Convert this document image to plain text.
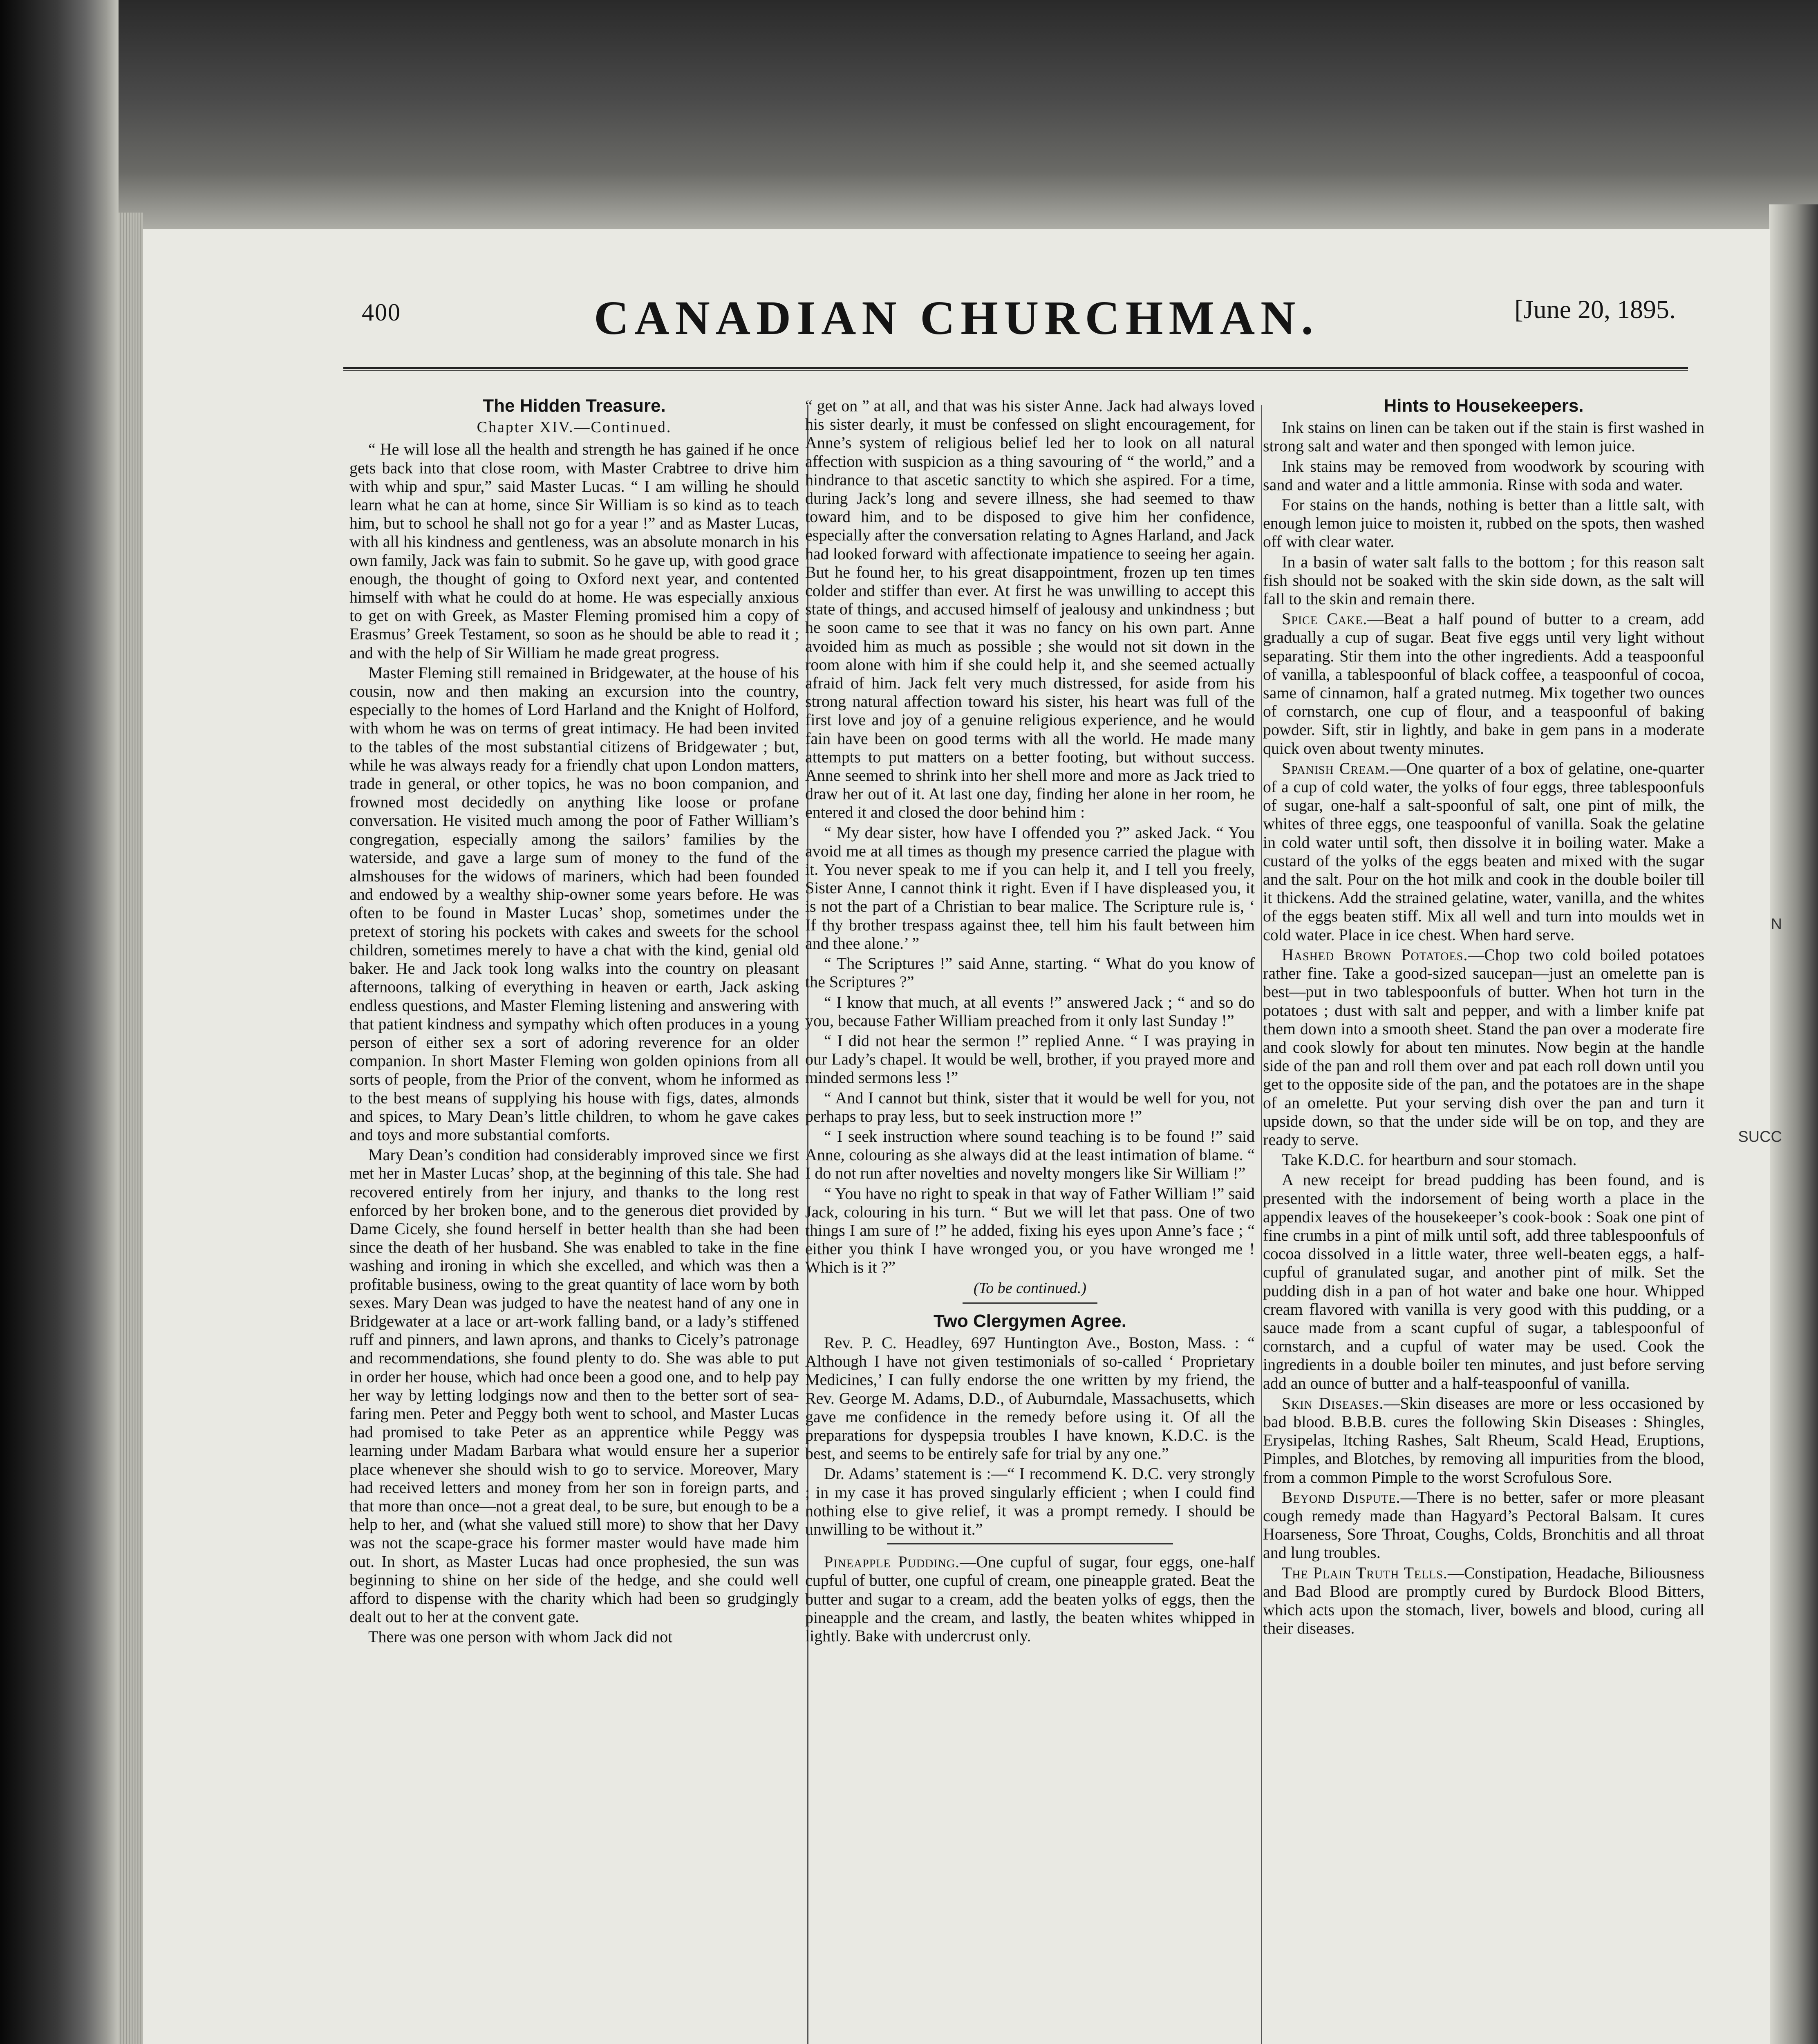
CANADIAN CHURCHMAN.
400	[June 20, 1895.
The Hidden Treasure.
Chapter XIV.—Continued.

“ He will lose all the health and strength he has gained if he once gets back into that close room, with Master Crabtree to drive him with whip and spur,” said Master Lucas. “ I am willing he should learn what he can at home, since Sir William is so kind as to teach him, but to school he shall not go for a year !” and as Master Lucas, with all his kindness and gentleness, was an absolute monarch in his own family, Jack was fain to submit. So he gave up, with good grace enough, the thought of going to Oxford next year, and contented himself with what he could do at home. He was especially anxious to get on with Greek, as Master Fleming promised him a copy of Erasmus’ Greek Testament, so soon as he should be able to read it ; and with the help of Sir William he made great progress.

Master Fleming still remained in Bridgewater, at the house of his cousin, now and then making an excursion into the country, especially to the homes of Lord Harland and the Knight of Holford, with whom he was on terms of great intimacy. He had been invited to the tables of the most substantial citizens of Bridgewater ; but, while he was always ready for a friendly chat upon London matters, trade in general, or other topics, he was no boon companion, and frowned most decidedly on anything like loose or profane conversation. He visited much among the poor of Father William’s congregation, especially among the sailors’ families by the waterside, and gave a large sum of money to the fund of the almshouses for the widows of mariners, which had been founded and endowed by a wealthy ship-owner some years before. He was often to be found in Master Lucas’ shop, sometimes under the pretext of storing his pockets with cakes and sweets for the school children, sometimes merely to have a chat with the kind, genial old baker. He and Jack took long walks into the country on pleasant afternoons, talking of everything in heaven or earth, Jack asking endless questions, and Master Fleming listening and answering with that patient kindness and sympathy which often produces in a young person of either sex a sort of adoring reverence for an older companion. In short Master Fleming won golden opinions from all sorts of people, from the Prior of the convent, whom he informed as to the best means of supplying his house with figs, dates, almonds and spices, to Mary Dean’s little children, to whom he gave cakes and toys and more substantial comforts.

Mary Dean’s condition had considerably improved since we first met her in Master Lucas’ shop, at the beginning of this tale. She had recovered entirely from her injury, and thanks to the long rest enforced by her broken bone, and to the generous diet provided by Dame Cicely, she found herself in better health than she had been since the death of her husband. She was enabled to take in the fine washing and ironing in which she excelled, and which was then a profitable business, owing to the great quantity of lace worn by both sexes. Mary Dean was judged to have the neatest hand of any one in Bridgewater at a lace or art-work falling band, or a lady’s stiffened ruff and pinners, and lawn aprons, and thanks to Cicely’s patronage and recommendations, she found plenty to do. She was able to put in order her house, which had once been a good one, and to help pay her way by letting lodgings now and then to the better sort of sea-faring men. Peter and Peggy both went to school, and Master Lucas had promised to take Peter as an apprentice while Peggy was learning under Madam Barbara what would ensure her a superior place whenever she should wish to go to service. Moreover, Mary had received letters and money from her son in foreign parts, and that more than once—not a great deal, to be sure, but enough to be a help to her, and (what she valued still more) to show that her Davy was not the scape-grace his former master would have made him out. In short, as Master Lucas had once prophesied, the sun was beginning to shine on her side of the hedge, and she could well afford to dispense with the charity which had been so grudgingly dealt out to her at the convent gate.

There was one person with whom Jack did not

“ get on ” at all, and that was his sister Anne. Jack had always loved his sister dearly, it must be confessed on slight encouragement, for Anne’s system of religious belief led her to look on all natural affection with suspicion as a thing savouring of “ the world,” and a hindrance to that ascetic sanctity to which she aspired. For a time, during Jack’s long and severe illness, she had seemed to thaw toward him, and to be disposed to give him her confidence, especially after the conversation relating to Agnes Harland, and Jack had looked forward with affectionate impatience to seeing her again. But he found her, to his great disappointment, frozen up ten times colder and stiffer than ever. At first he was unwilling to accept this state of things, and accused himself of jealousy and unkindness ; but he soon came to see that it was no fancy on his own part. Anne avoided him as much as possible ; she would not sit down in the room alone with him if she could help it, and she seemed actually afraid of him. Jack felt very much distressed, for aside from his strong natural affection toward his sister, his heart was full of the first love and joy of a genuine religious experience, and he would fain have been on good terms with all the world. He made many attempts to put matters on a better footing, but without success. Anne seemed to shrink into her shell more and more as Jack tried to draw her out of it. At last one day, finding her alone in her room, he entered it and closed the door behind him :

“ My dear sister, how have I offended you ?” asked Jack. “ You avoid me at all times as though my presence carried the plague with it. You never speak to me if you can help it, and I tell you freely, Sister Anne, I cannot think it right. Even if I have displeased you, it is not the part of a Christian to bear malice. The Scripture rule is, ‘ If thy brother trespass against thee, tell him his fault between him and thee alone.’ ”

“ The Scriptures !” said Anne, starting. “ What do you know of the Scriptures ?”

“ I know that much, at all events !” answered Jack ; “ and so do you, because Father William preached from it only last Sunday !”

“ I did not hear the sermon !” replied Anne. “ I was praying in our Lady’s chapel. It would be well, brother, if you prayed more and minded sermons less !”

“ And I cannot but think, sister that it would be well for you, not perhaps to pray less, but to seek instruction more !”

“ I seek instruction where sound teaching is to be found !” said Anne, colouring as she always did at the least intimation of blame. “ I do not run after novelties and novelty mongers like Sir William !”

“ You have no right to speak in that way of Father William !” said Jack, colouring in his turn. “ But we will let that pass. One of two things I am sure of !” he added, fixing his eyes upon Anne’s face ; “ either you think I have wronged you, or you have wronged me ! Which is it ?”

(To be continued.)
Two Clergymen Agree.

Rev. P. C. Headley, 697 Huntington Ave., Boston, Mass. : “ Although I have not given testimonials of so-called ‘ Proprietary Medicines,’ I can fully endorse the one written by my friend, the Rev. George M. Adams, D.D., of Auburndale, Massachusetts, which gave me confidence in the remedy before using it. Of all the preparations for dyspepsia troubles I have known, K.D.C. is the best, and seems to be entirely safe for trial by any one.”

Dr. Adams’ statement is :—“ I recommend K. D.C. very strongly ; in my case it has proved singularly efficient ; when I could find nothing else to give relief, it was a prompt remedy. I should be unwilling to be without it.”

Pineapple Pudding.—One cupful of sugar, four eggs, one-half cupful of butter, one cupful of cream, one pineapple grated. Beat the butter and sugar to a cream, add the beaten yolks of eggs, then the pineapple and the cream, and lastly, the beaten whites whipped in lightly. Bake with undercrust only.

Hints to Housekeepers.

Ink stains on linen can be taken out if the stain is first washed in strong salt and water and then sponged with lemon juice.

Ink stains may be removed from woodwork by scouring with sand and water and a little ammonia. Rinse with soda and water.

For stains on the hands, nothing is better than a little salt, with enough lemon juice to moisten it, rubbed on the spots, then washed off with clear water.

In a basin of water salt falls to the bottom ; for this reason salt fish should not be soaked with the skin side down, as the salt will fall to the skin and remain there.

Spice Cake.—Beat a half pound of butter to a cream, add gradually a cup of sugar. Beat five eggs until very light without separating. Stir them into the other ingredients. Add a teaspoonful of vanilla, a tablespoonful of black coffee, a teaspoonful of cocoa, same of cinnamon, half a grated nutmeg. Mix together two ounces of cornstarch, one cup of flour, and a teaspoonful of baking powder. Sift, stir in lightly, and bake in gem pans in a moderate quick oven about twenty minutes.

Spanish Cream.—One quarter of a box of gelatine, one-quarter of a cup of cold water, the yolks of four eggs, three tablespoonfuls of sugar, one-half a salt-spoonful of salt, one pint of milk, the whites of three eggs, one teaspoonful of vanilla. Soak the gelatine in cold water until soft, then dissolve it in boiling water. Make a custard of the yolks of the eggs beaten and mixed with the sugar and the salt. Pour on the hot milk and cook in the double boiler till it thickens. Add the strained gelatine, water, vanilla, and the whites of the eggs beaten stiff. Mix all well and turn into moulds wet in cold water. Place in ice chest. When hard serve.

Hashed Brown Potatoes.—Chop two cold boiled potatoes rather fine. Take a good-sized saucepan—just an omelette pan is best—put in two tablespoonfuls of butter. When hot turn in the potatoes ; dust with salt and pepper, and with a limber knife pat them down into a smooth sheet. Stand the pan over a moderate fire and cook slowly for about ten minutes. Now begin at the handle side of the pan and roll them over and pat each roll down until you get to the opposite side of the pan, and the potatoes are in the shape of an omelette. Put your serving dish over the pan and turn it upside down, so that the under side will be on top, and they are ready to serve.

Take K.D.C. for heartburn and sour stomach.

A new receipt for bread pudding has been found, and is presented with the indorsement of being worth a place in the appendix leaves of the housekeeper’s cook-book : Soak one pint of fine crumbs in a pint of milk until soft, add three tablespoonfuls of cocoa dissolved in a little water, three well-beaten eggs, a half-cupful of granulated sugar, and another pint of milk. Set the pudding dish in a pan of hot water and bake one hour. Whipped cream flavored with vanilla is very good with this pudding, or a sauce made from a scant cupful of sugar, a tablespoonful of cornstarch, and a cupful of water may be used. Cook the ingredients in a double boiler ten minutes, and just before serving add an ounce of butter and a half-teaspoonful of vanilla.

Skin Diseases.—Skin diseases are more or less occasioned by bad blood. B.B.B. cures the following Skin Diseases : Shingles, Erysipelas, Itching Rashes, Salt Rheum, Scald Head, Eruptions, Pimples, and Blotches, by removing all impurities from the blood, from a common Pimple to the worst Scrofulous Sore.

Beyond Dispute.—There is no better, safer or more pleasant cough remedy made than Hagyard’s Pectoral Balsam. It cures Hoarseness, Sore Throat, Coughs, Colds, Bronchitis and all throat and lung troubles.

The Plain Truth Tells.—Constipation, Headache, Biliousness and Bad Blood are promptly cured by Burdock Blood Bitters, which acts upon the stomach, liver, bowels and blood, curing all their diseases.

N
SUCC
